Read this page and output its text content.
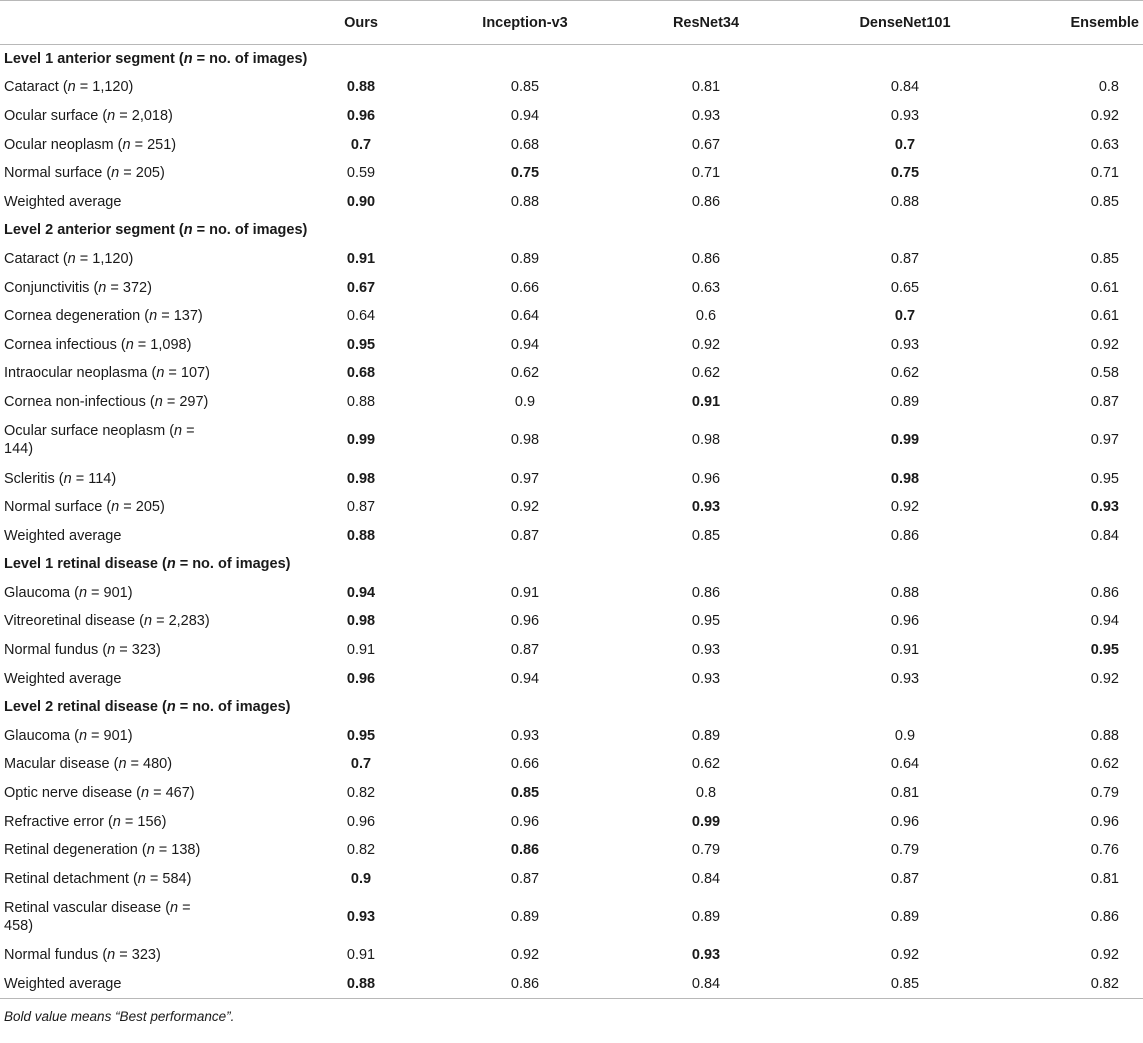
	Ours	Inception-v3	ResNet34	DenseNet101	Ensemble
Level 1 anterior segment (n = no. of images)					
Cataract (n = 1,120)	0.88	0.85	0.81	0.84	0.8
Ocular surface (n = 2,018)	0.96	0.94	0.93	0.93	0.92
Ocular neoplasm (n = 251)	0.7	0.68	0.67	0.7	0.63
Normal surface (n = 205)	0.59	0.75	0.71	0.75	0.71
Weighted average	0.90	0.88	0.86	0.88	0.85
Level 2 anterior segment (n = no. of images)					
Cataract (n = 1,120)	0.91	0.89	0.86	0.87	0.85
Conjunctivitis (n = 372)	0.67	0.66	0.63	0.65	0.61
Cornea degeneration (n = 137)	0.64	0.64	0.6	0.7	0.61
Cornea infectious (n = 1,098)	0.95	0.94	0.92	0.93	0.92
Intraocular neoplasma (n = 107)	0.68	0.62	0.62	0.62	0.58
Cornea non-infectious (n = 297)	0.88	0.9	0.91	0.89	0.87
Ocular surface neoplasm (n = 144)	0.99	0.98	0.98	0.99	0.97
Scleritis (n = 114)	0.98	0.97	0.96	0.98	0.95
Normal surface (n = 205)	0.87	0.92	0.93	0.92	0.93
Weighted average	0.88	0.87	0.85	0.86	0.84
Level 1 retinal disease (n = no. of images)					
Glaucoma (n = 901)	0.94	0.91	0.86	0.88	0.86
Vitreoretinal disease (n = 2,283)	0.98	0.96	0.95	0.96	0.94
Normal fundus (n = 323)	0.91	0.87	0.93	0.91	0.95
Weighted average	0.96	0.94	0.93	0.93	0.92
Level 2 retinal disease (n = no. of images)					
Glaucoma (n = 901)	0.95	0.93	0.89	0.9	0.88
Macular disease (n = 480)	0.7	0.66	0.62	0.64	0.62
Optic nerve disease (n = 467)	0.82	0.85	0.8	0.81	0.79
Refractive error (n = 156)	0.96	0.96	0.99	0.96	0.96
Retinal degeneration (n = 138)	0.82	0.86	0.79	0.79	0.76
Retinal detachment (n = 584)	0.9	0.87	0.84	0.87	0.81
Retinal vascular disease (n = 458)	0.93	0.89	0.89	0.89	0.86
Normal fundus (n = 323)	0.91	0.92	0.93	0.92	0.92
Weighted average	0.88	0.86	0.84	0.85	0.82
Bold value means “Best performance”.
